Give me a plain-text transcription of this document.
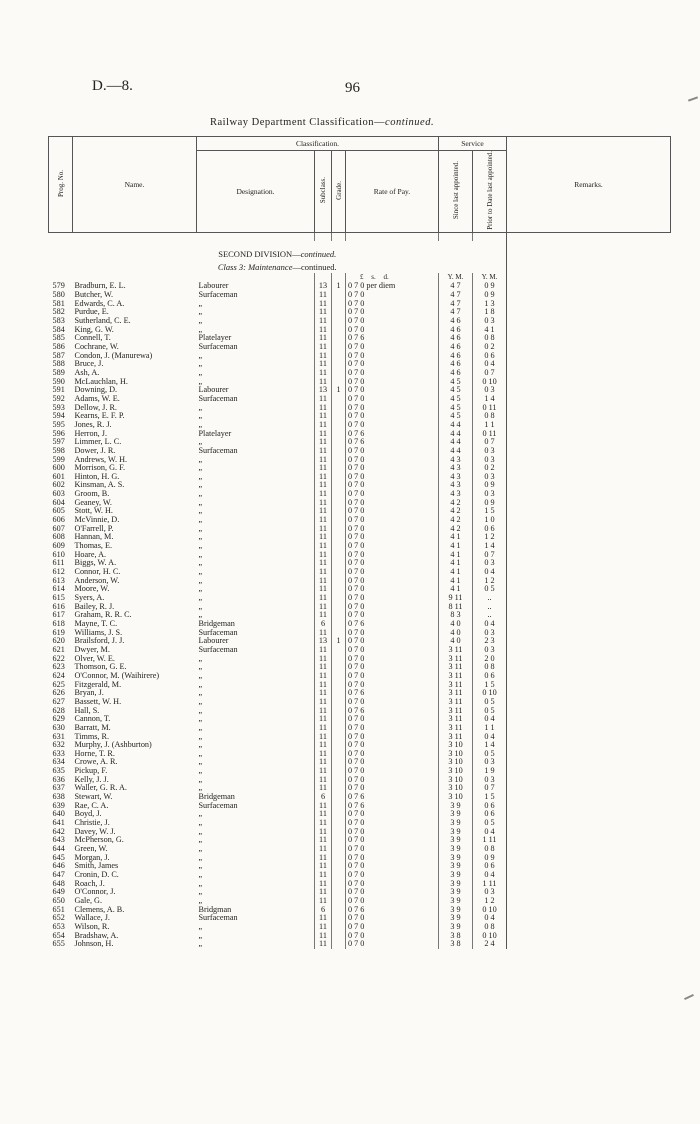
D.—8.	96
Railway Department Classification—continued.
Prog. No.	Name.	Classification.				Service		Remarks.
		Designation.	Subclass.	Grade.	Rate of Pay.	Since last appointed.	Prior to Date last appointed.	

SECOND DIVISION—continued.								
Class 3: Maintenance—continued.								
					£ s. d.	Y. M.	Y. M.	
579	Bradburn, E. L.	Labourer	13	1	0 7 0 per diem	4 7	0 9	
580	Butcher, W.	Surfaceman	11		0 7 0	4 7	0 9	
581	Edwards, C. A.	„	11		0 7 0	4 7	1 3	
582	Purdue, E.	„	11		0 7 0	4 7	1 8	
583	Sutherland, C. E.	„	11		0 7 0	4 6	0 3	
584	King, G. W.	„	11		0 7 0	4 6	4 1	
585	Connell, T.	Platelayer	11		0 7 6	4 6	0 8	
586	Cochrane, W.	Surfaceman	11		0 7 0	4 6	0 2	
587	Condon, J. (Manurewa)	„	11		0 7 0	4 6	0 6	
588	Bruce, J.	„	11		0 7 0	4 6	0 4	
589	Ash, A.	„	11		0 7 0	4 6	0 7	
590	McLauchlan, H.	„	11		0 7 0	4 5	0 10	
591	Downing, D.	Labourer	13	1	0 7 0	4 5	0 3	
592	Adams, W. E.	Surfaceman	11		0 7 0	4 5	1 4	
593	Dellow, J. R.	„	11		0 7 0	4 5	0 11	
594	Kearns, E. F. P.	„	11		0 7 0	4 5	0 8	
595	Jones, R. J.	„	11		0 7 0	4 4	1 1	
596	Herron, J.	Platelayer	11		0 7 6	4 4	0 11	
597	Limmer, L. C.	„	11		0 7 6	4 4	0 7	
598	Dower, J. R.	Surfaceman	11		0 7 0	4 4	0 3	
599	Andrews, W. H.	„	11		0 7 0	4 3	0 3	
600	Morrison, G. F.	„	11		0 7 0	4 3	0 2	
601	Hinton, H. G.	„	11		0 7 0	4 3	0 3	
602	Kinsman, A. S.	„	11		0 7 0	4 3	0 9	
603	Groom, B.	„	11		0 7 0	4 3	0 3	
604	Geaney, W.	„	11		0 7 0	4 2	0 9	
605	Stott, W. H.	„	11		0 7 0	4 2	1 5	
606	McVinnie, D.	„	11		0 7 0	4 2	1 0	
607	O'Farrell, P.	„	11		0 7 0	4 2	0 6	
608	Hannan, M.	„	11		0 7 0	4 1	1 2	
609	Thomas, E.	„	11		0 7 0	4 1	1 4	
610	Hoare, A.	„	11		0 7 0	4 1	0 7	
611	Biggs, W. A.	„	11		0 7 0	4 1	0 3	
612	Connor, H. C.	„	11		0 7 0	4 1	0 4	
613	Anderson, W.	„	11		0 7 0	4 1	1 2	
614	Moore, W.	„	11		0 7 0	4 1	0 5	
615	Syers, A.	„	11		0 7 0	9 11	..	
616	Bailey, R. J.	„	11		0 7 0	8 11	..	
617	Graham, R. R. C.	„	11		0 7 0	8 3	..	
618	Mayne, T. C.	Bridgeman	6		0 7 6	4 0	0 4	
619	Williams, J. S.	Surfaceman	11		0 7 0	4 0	0 3	
620	Brailsford, J. J.	Labourer	13	1	0 7 0	4 0	2 3	
621	Dwyer, M.	Surfaceman	11		0 7 0	3 11	0 3	
622	Olver, W. E.	„	11		0 7 0	3 11	2 0	
623	Thomson, G. E.	„	11		0 7 0	3 11	0 8	
624	O'Connor, M. (Waihirere)	„	11		0 7 0	3 11	0 6	
625	Fitzgerald, M.	„	11		0 7 0	3 11	1 5	
626	Bryan, J.	„	11		0 7 6	3 11	0 10	
627	Bassett, W. H.	„	11		0 7 0	3 11	0 5	
628	Hall, S.	„	11		0 7 6	3 11	0 5	
629	Cannon, T.	„	11		0 7 0	3 11	0 4	
630	Barratt, M.	„	11		0 7 0	3 11	1 1	
631	Timms, R.	„	11		0 7 0	3 11	0 4	
632	Murphy, J. (Ashburton)	„	11		0 7 0	3 10	1 4	
633	Horne, T. R.	„	11		0 7 0	3 10	0 5	
634	Crowe, A. R.	„	11		0 7 0	3 10	0 3	
635	Pickup, F.	„	11		0 7 0	3 10	1 9	
636	Kelly, J. J.	„	11		0 7 0	3 10	0 3	
637	Waller, G. R. A.	„	11		0 7 0	3 10	0 7	
638	Stewart, W.	Bridgeman	6		0 7 6	3 10	1 5	
639	Rae, C. A.	Surfaceman	11		0 7 6	3 9	0 6	
640	Boyd, J.	„	11		0 7 0	3 9	0 6	
641	Christie, J.	„	11		0 7 0	3 9	0 5	
642	Davey, W. J.	„	11		0 7 0	3 9	0 4	
643	McPherson, G.	„	11		0 7 0	3 9	1 11	
644	Green, W.	„	11		0 7 0	3 9	0 8	
645	Morgan, J.	„	11		0 7 0	3 9	0 9	
646	Smith, James	„	11		0 7 0	3 9	0 6	
647	Cronin, D. C.	„	11		0 7 0	3 9	0 4	
648	Roach, J.	„	11		0 7 0	3 9	1 11	
649	O'Connor, J.	„	11		0 7 0	3 9	0 3	
650	Gale, G.	„	11		0 7 0	3 9	1 2	
651	Clemens, A. B.	Bridgman	6		0 7 6	3 9	0 10	
652	Wallace, J.	Surfaceman	11		0 7 0	3 9	0 4	
653	Wilson, R.	„	11		0 7 0	3 9	0 8	
654	Bradshaw, A.	„	11		0 7 0	3 8	0 10	
655	Johnson, H.	„	11		0 7 0	3 8	2 4	
